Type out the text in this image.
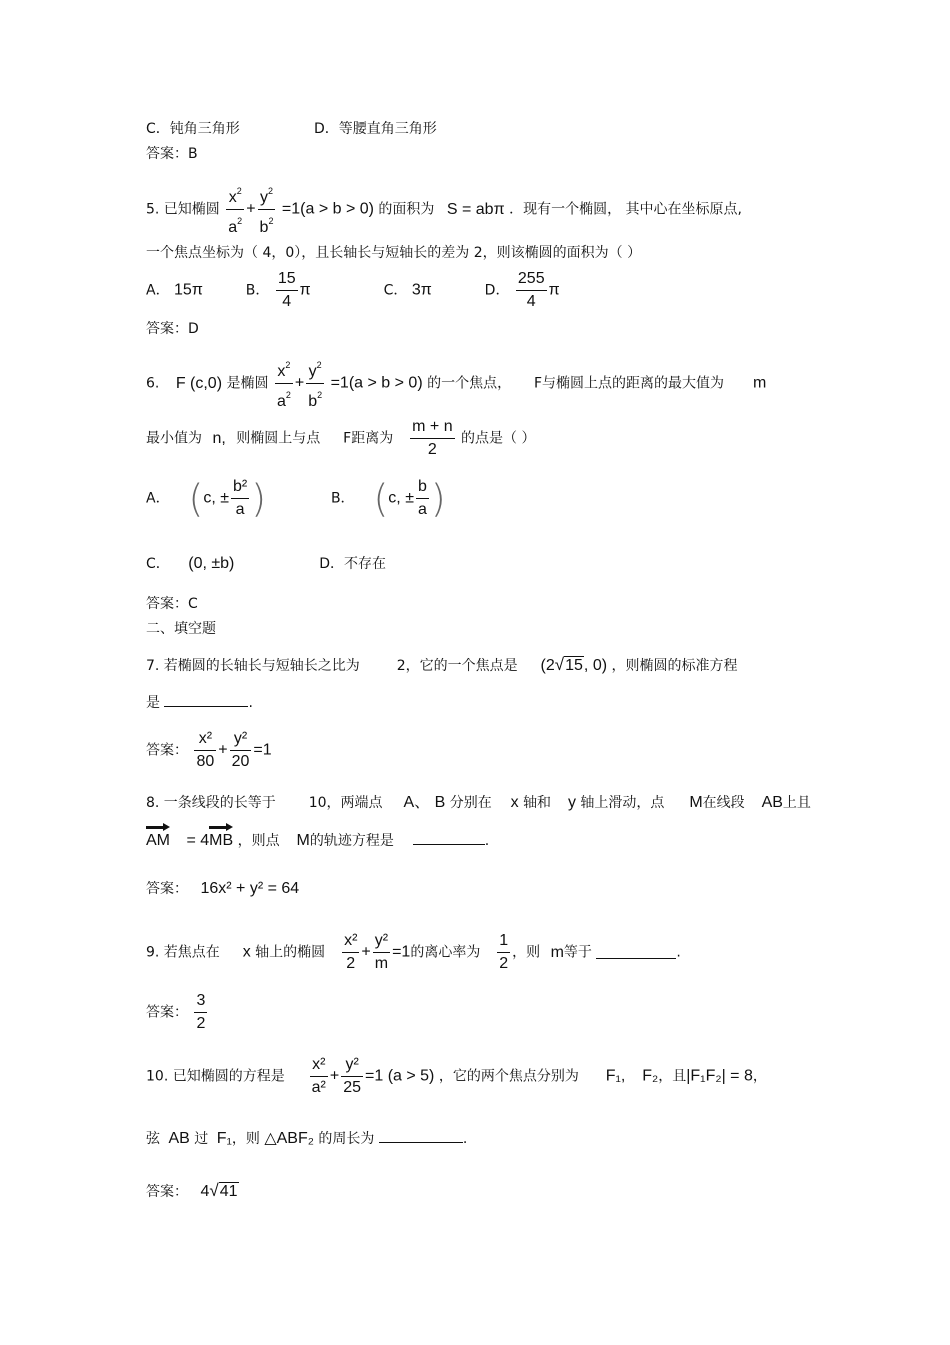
C．钝角三角形	D．等腰直角三角形
答案：B
5. 已知椭圆 $\frac{x^2}{a^2} + \frac{y^2}{b^2} =1(a > b > 0)$ 的面积为 S = abπ ．现有一个椭圆， 其中心在坐标原点,
一个焦点坐标为（ 4，0），且长轴长与短轴长的差为 2，则该椭圆的面积为（ ）
A． 15π	B． $\frac{15}{4}$ π	C． 3π	D． $\frac{255}{4}$ π
答案：D
6. F (c,0) 是椭圆 $\frac{x^2}{a^2} + \frac{y^2}{b^2} =1(a > b > 0)$ 的一个焦点， F与椭圆上点的距离的最大值为 m
最小值为 n, 则椭圆上与点 F距离为 $\frac{m + n}{2}$ 的点是（ ）
A． (c, ± $\frac{\text{b²}}{a}$ )	B． (c, ± $\frac{b}{a}$ )
C． (0, ±b)	D．不存在
答案：C
二、填空题
7. 若椭圆的长轴长与短轴长之比为	2，它的一个焦点是 (2√15, 0) ，则椭圆的标准方程
是	.
答案： $\frac{\text{x²}}{80} + \frac{\text{y²}}{20} =1$
8. 一条线段的长等于 10，两端点 A、 B 分别在 x 轴和 y 轴上滑动，点 M在线段 AB上且
AM = 4MB ，则点 M的轨迹方程是	.
答案： 16x² + y² = 64
9. 若焦点在 x 轴上的椭圆 $\frac{\text{x²}}{2} + \frac{\text{y²}}{m} =1$的离心率为 $\frac{1}{2}$ ，则 m等于	.
答案： $\frac{3}{2}$
10. 已知椭圆的方程是 $\frac{\text{x²}}{\text{a²}} + \frac{\text{y²}}{25} =1$ (a > 5) ，它的两个焦点分别为 F₁, F₂，且|F₁F₂| = 8，
弦 AB 过 F₁，则 △ABF₂ 的周长为	.
答案： 4√41
